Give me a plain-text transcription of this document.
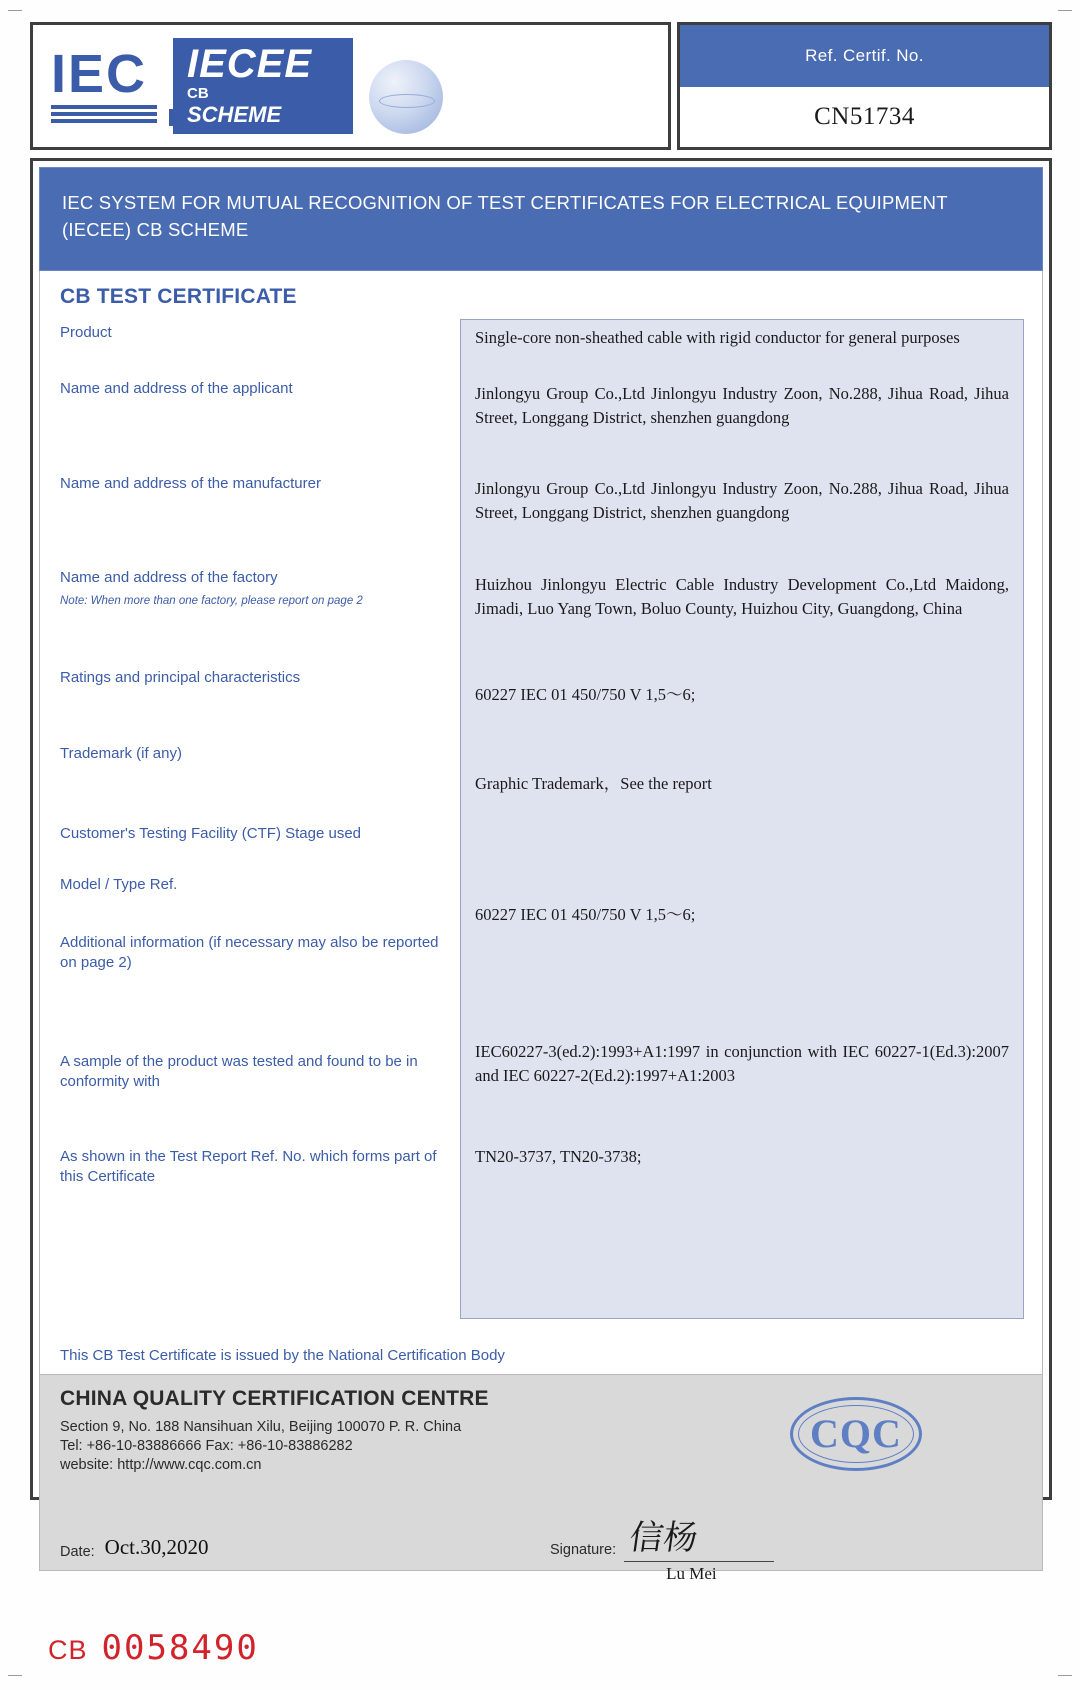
IEC IECEE
CB
SCHEME
Ref. Certif. No.
CN51734
IEC SYSTEM FOR MUTUAL RECOGNITION OF TEST CERTIFICATES FOR ELECTRICAL EQUIPMENT (IECEE) CB SCHEME
CB TEST CERTIFICATE
Product
Name and address of the applicant
Name and address of the manufacturer
Name and address of the factory
Note: When more than one factory, please report on page 2
Ratings and principal characteristics
Trademark (if any)
Customer's Testing Facility (CTF) Stage used
Model / Type Ref.
Additional information (if necessary may also be reported on page 2)
A sample of the product was tested and found to be in conformity with
As shown in the Test Report Ref. No. which forms part of this Certificate
Single-core non-sheathed cable with rigid conductor for general purposes
Jinlongyu Group Co.,Ltd Jinlongyu Industry Zoon, No.288, Jihua Road, Jihua Street, Longgang District, shenzhen guangdong
Jinlongyu Group Co.,Ltd Jinlongyu Industry Zoon, No.288, Jihua Road, Jihua Street, Longgang District, shenzhen guangdong
Huizhou Jinlongyu Electric Cable Industry Development Co.,Ltd Maidong, Jimadi, Luo Yang Town, Boluo County, Huizhou City, Guangdong, China
60227 IEC 01 450/750 V 1,5～6;
Graphic Trademark，See the report
60227 IEC 01 450/750 V 1,5～6;
IEC60227-3(ed.2):1993+A1:1997 in conjunction with IEC 60227-1(Ed.3):2007 and IEC 60227-2(Ed.2):1997+A1:2003
TN20-3737, TN20-3738;
This CB Test Certificate is issued by the National Certification Body
CHINA QUALITY CERTIFICATION CENTRE

Section 9, No. 188 Nansihuan Xilu, Beijing 100070 P. R. China

Tel: +86-10-83886666 Fax: +86-10-83886282

website: http://www.cqc.com.cn

CQC
Date: Oct.30,2020	Signature: 信杨
Lu Mei
CB 0058490
